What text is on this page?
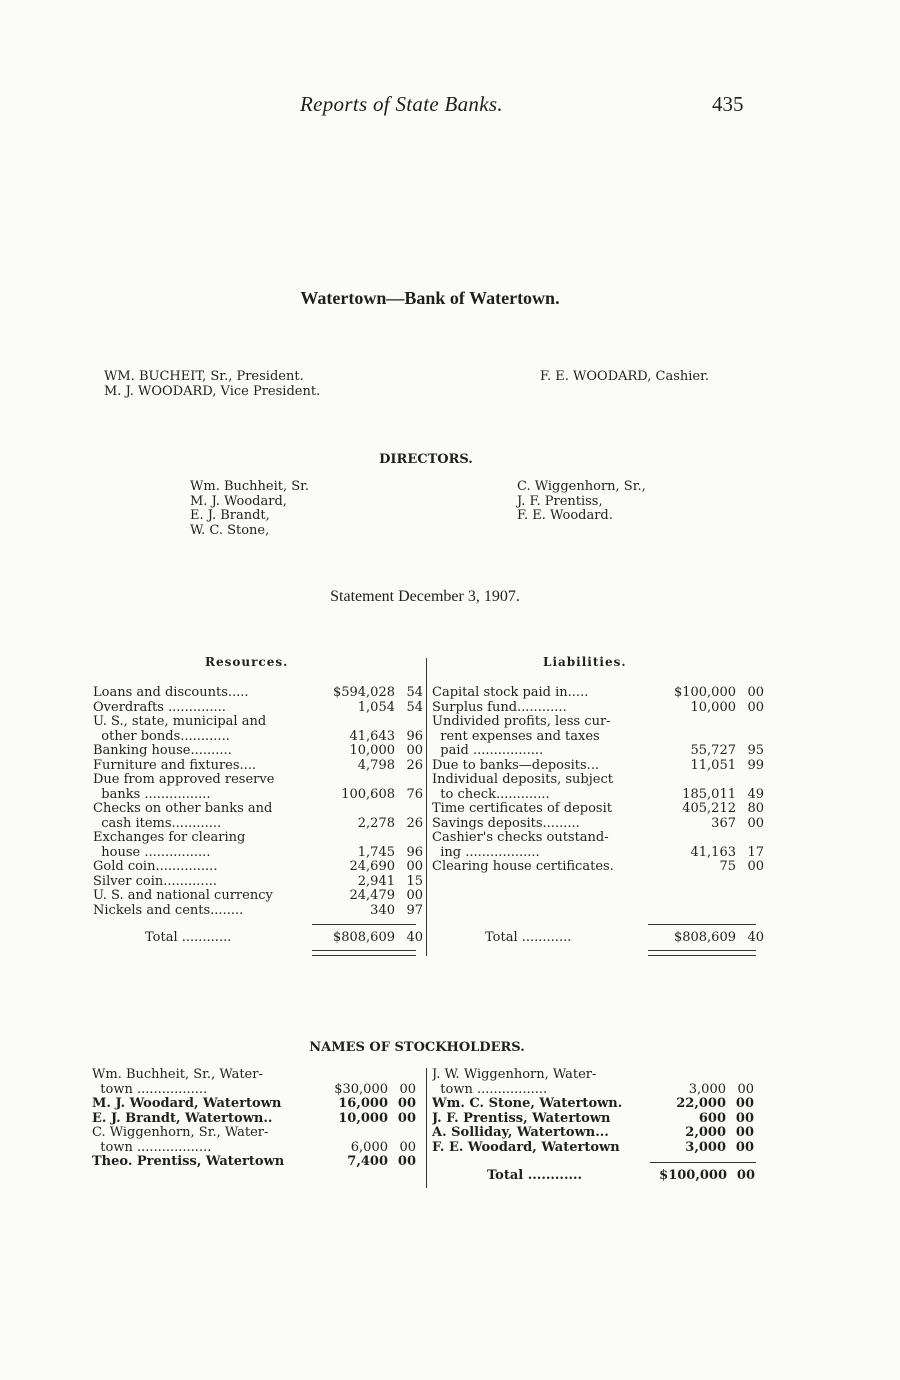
Reports of State Banks.	435
Watertown—Bank of Watertown.
WM. BUCHEIT, Sr., President.
M. J. WOODARD, Vice President.
F. E. WOODARD, Cashier.
DIRECTORS.
Wm. Buchheit, Sr.
M. J. Woodard,
E. J. Brandt,
W. C. Stone,
C. Wiggenhorn, Sr.,
J. F. Prentiss,
F. E. Woodard.
Statement December 3, 1907.
Resources.	Liabilities.
Loans and discounts.....	$594,028 54
Overdrafts ..............	1,054 54
U. S., state, municipal and
other bonds............	41,643 96
Banking house..........	10,000 00
Furniture and fixtures....	4,798 26
Due from approved reserve
banks ................	100,608 76
Checks on other banks and
cash items............	2,278 26
Exchanges for clearing
house ................	1,745 96
Gold coin...............	24,690 00
Silver coin.............	2,941 15
U. S. and national currency	24,479 00
Nickels and cents........	340 97
Capital stock paid in.....	$100,000 00
Surplus fund............	10,000 00
Undivided profits, less cur-
rent expenses and taxes
paid .................	55,727 95
Due to banks—deposits...	11,051 99
Individual deposits, subject
to check.............	185,011 49
Time certificates of deposit	405,212 80
Savings deposits.........	367 00
Cashier's checks outstand-
ing ..................	41,163 17
Clearing house certificates.	75 00
Total ............	$808,609 40	Total ............	$808,609 40
NAMES OF STOCKHOLDERS.
Wm. Buchheit, Sr., Water-
town .................	$30,000 00
M. J. Woodard, Watertown	16,000 00
E. J. Brandt, Watertown..	10,000 00
C. Wiggenhorn, Sr., Water-
town ..................	6,000 00
Theo. Prentiss, Watertown	7,400 00
J. W. Wiggenhorn, Water-
town .................	3,000 00
Wm. C. Stone, Watertown.	22,000 00
J. F. Prentiss, Watertown	600 00
A. Solliday, Watertown...	2,000 00
F. E. Woodard, Watertown	3,000 00
Total ............	$100,000 00
